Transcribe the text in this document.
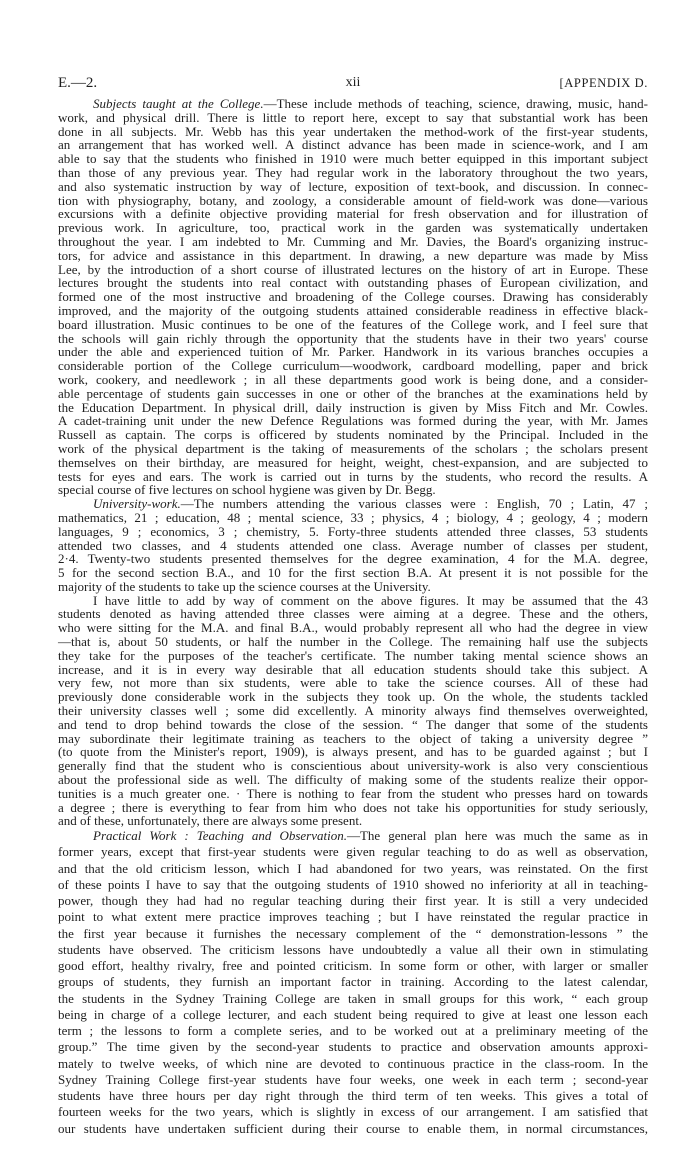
E.—2.	xii	[APPENDIX D.
Subjects taught at the College.—These include methods of teaching, science, drawing, music, hand-
work, and physical drill. There is little to report here, except to say that substantial work has been
done in all subjects. Mr. Webb has this year undertaken the method-work of the first-year students,
an arrangement that has worked well. A distinct advance has been made in science-work, and I am
able to say that the students who finished in 1910 were much better equipped in this important subject
than those of any previous year. They had regular work in the laboratory throughout the two years,
and also systematic instruction by way of lecture, exposition of text-book, and discussion. In connec-
tion with physiography, botany, and zoology, a considerable amount of field-work was done—various
excursions with a definite objective providing material for fresh observation and for illustration of
previous work. In agriculture, too, practical work in the garden was systematically undertaken
throughout the year. I am indebted to Mr. Cumming and Mr. Davies, the Board's organizing instruc-
tors, for advice and assistance in this department. In drawing, a new departure was made by Miss
Lee, by the introduction of a short course of illustrated lectures on the history of art in Europe. These
lectures brought the students into real contact with outstanding phases of European civilization, and
formed one of the most instructive and broadening of the College courses. Drawing has considerably
improved, and the majority of the outgoing students attained considerable readiness in effective black-
board illustration. Music continues to be one of the features of the College work, and I feel sure that
the schools will gain richly through the opportunity that the students have in their two years' course
under the able and experienced tuition of Mr. Parker. Handwork in its various branches occupies a
considerable portion of the College curriculum—woodwork, cardboard modelling, paper and brick
work, cookery, and needlework ; in all these departments good work is being done, and a consider-
able percentage of students gain successes in one or other of the branches at the examinations held by
the Education Department. In physical drill, daily instruction is given by Miss Fitch and Mr. Cowles.
A cadet-training unit under the new Defence Regulations was formed during the year, with Mr. James
Russell as captain. The corps is officered by students nominated by the Principal. Included in the
work of the physical department is the taking of measurements of the scholars ; the scholars present
themselves on their birthday, are measured for height, weight, chest-expansion, and are subjected to
tests for eyes and ears. The work is carried out in turns by the students, who record the results. A
special course of five lectures on school hygiene was given by Dr. Begg.
University-work.—The numbers attending the various classes were : English, 70 ; Latin, 47 ;
mathematics, 21 ; education, 48 ; mental science, 33 ; physics, 4 ; biology, 4 ; geology, 4 ; modern
languages, 9 ; economics, 3 ; chemistry, 5. Forty-three students attended three classes, 53 students
attended two classes, and 4 students attended one class. Average number of classes per student,
2·4. Twenty-two students presented themselves for the degree examination, 4 for the M.A. degree,
5 for the second section B.A., and 10 for the first section B.A. At present it is not possible for the
majority of the students to take up the science courses at the University.
I have little to add by way of comment on the above figures. It may be assumed that the 43
students denoted as having attended three classes were aiming at a degree. These and the others,
who were sitting for the M.A. and final B.A., would probably represent all who had the degree in view
—that is, about 50 students, or half the number in the College. The remaining half use the subjects
they take for the purposes of the teacher's certificate. The number taking mental science shows an
increase, and it is in every way desirable that all education students should take this subject. A
very few, not more than six students, were able to take the science courses. All of these had
previously done considerable work in the subjects they took up. On the whole, the students tackled
their university classes well ; some did excellently. A minority always find themselves overweighted,
and tend to drop behind towards the close of the session. “ The danger that some of the students
may subordinate their legitimate training as teachers to the object of taking a university degree ”
(to quote from the Minister's report, 1909), is always present, and has to be guarded against ; but I
generally find that the student who is conscientious about university-work is also very conscientious
about the professional side as well. The difficulty of making some of the students realize their oppor-
tunities is a much greater one. · There is nothing to fear from the student who presses hard on towards
a degree ; there is everything to fear from him who does not take his opportunities for study seriously,
and of these, unfortunately, there are always some present.
Practical Work : Teaching and Observation.—The general plan here was much the same as in
former years, except that first-year students were given regular teaching to do as well as observation,
and that the old criticism lesson, which I had abandoned for two years, was reinstated. On the first
of these points I have to say that the outgoing students of 1910 showed no inferiority at all in teaching-
power, though they had had no regular teaching during their first year. It is still a very undecided
point to what extent mere practice improves teaching ; but I have reinstated the regular practice in
the first year because it furnishes the necessary complement of the “ demonstration-lessons ” the
students have observed. The criticism lessons have undoubtedly a value all their own in stimulating
good effort, healthy rivalry, free and pointed criticism. In some form or other, with larger or smaller
groups of students, they furnish an important factor in training. According to the latest calendar,
the students in the Sydney Training College are taken in small groups for this work, “ each group
being in charge of a college lecturer, and each student being required to give at least one lesson each
term ; the lessons to form a complete series, and to be worked out at a preliminary meeting of the
group.” The time given by the second-year students to practice and observation amounts approxi-
mately to twelve weeks, of which nine are devoted to continuous practice in the class-room. In the
Sydney Training College first-year students have four weeks, one week in each term ; second-year
students have three hours per day right through the third term of ten weeks. This gives a total of
fourteen weeks for the two years, which is slightly in excess of our arrangement. I am satisfied that
our students have undertaken sufficient during their course to enable them, in normal circumstances,
